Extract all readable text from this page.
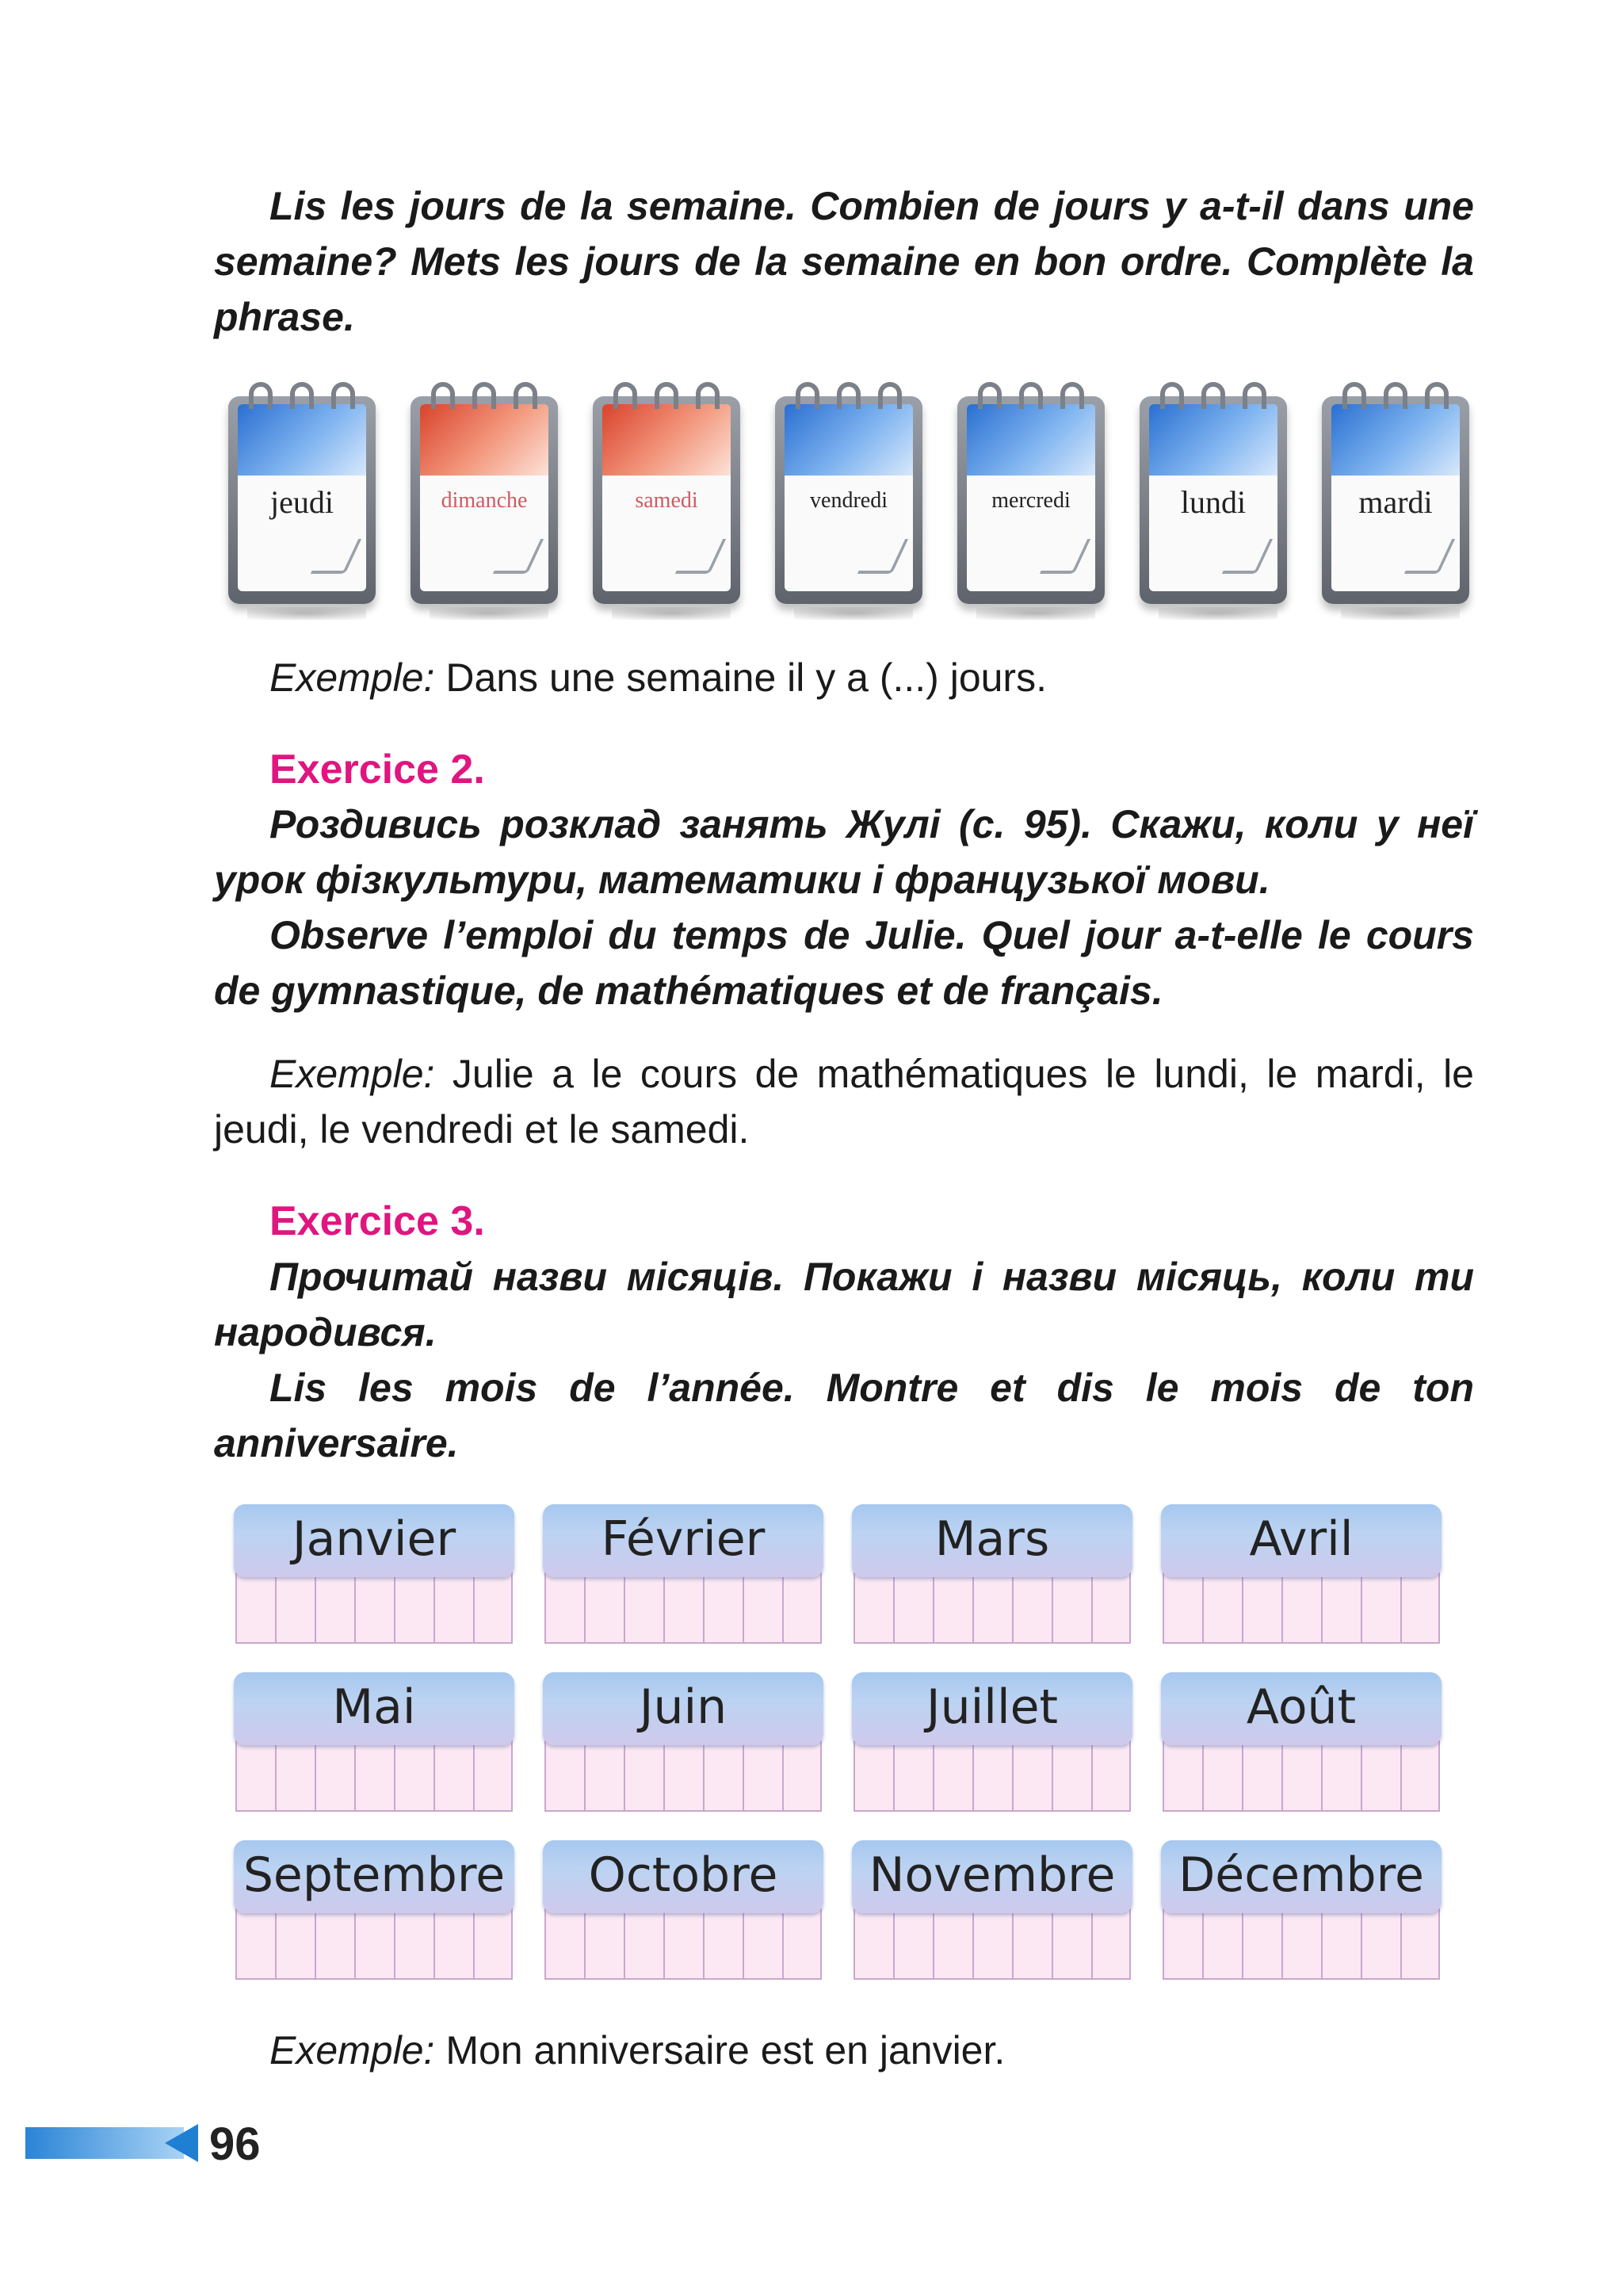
Lis les jours de la semaine. Combien de jours y a-t-il dans une semaine? Mets les jours de la semaine en bon ordre. Complète la phrase.
jeudi	dimanche	samedi	vendredi	mercredi	lundi	mardi
Exemple: Dans une semaine il y a (...) jours.
Exercice 2.
Роздивись розклад занять Жулі (с. 95). Скажи, коли у неї урок фізкультури, математики і французької мови.
Observe l’emploi du temps de Julie. Quel jour a-t-elle le cours de gymnastique, de mathématiques et de français.
Exemple: Julie a le cours de mathématiques le lundi, le mardi, le jeudi, le vendredi et le samedi.
Exercice 3.
Прочитай назви місяців. Покажи і назви місяць, коли ти народився.
Lis les mois de l’année. Montre et dis le mois de ton anniversaire.
Janvier	Février	Mars	Avril
Mai	Juin	Juillet	Août
Septembre	Octobre	Novembre	Décembre
Exemple: Mon anniversaire est en janvier.
96
